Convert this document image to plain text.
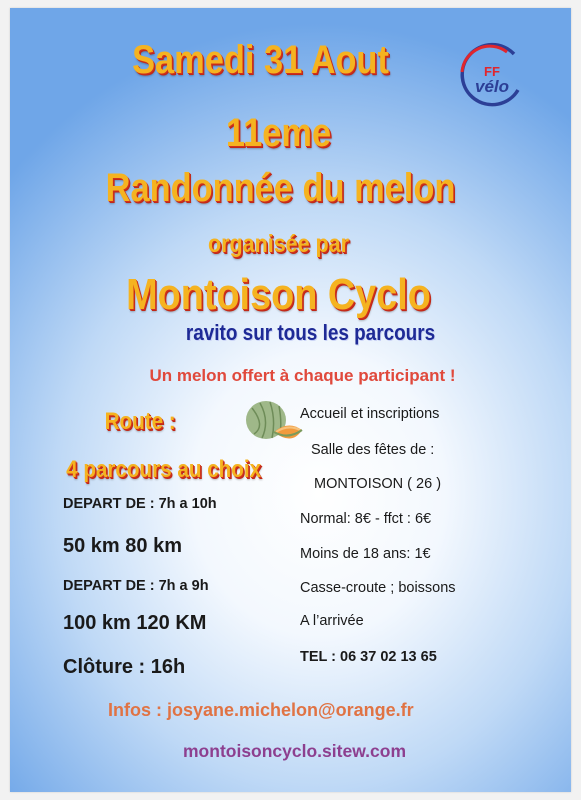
Samedi 31 Aout
11eme
Randonnée du melon
organisée par
Montoison Cyclo
ravito sur tous les parcours
Un melon offert à chaque participant !
FF
vélo
Route :
4 parcours au choix
DEPART DE : 7h a 10h
50 km 80 km
DEPART DE : 7h a 9h
100 km 120 KM
Clôture : 16h
Accueil et inscriptions
Salle des fêtes de :
MONTOISON ( 26 )
Normal: 8€ - ffct : 6€
Moins de 18 ans: 1€
Casse-croute ; boissons
A l’arrivée
TEL : 06 37 02 13 65
Infos : josyane.michelon@orange.fr
montoisoncyclo.sitew.com
